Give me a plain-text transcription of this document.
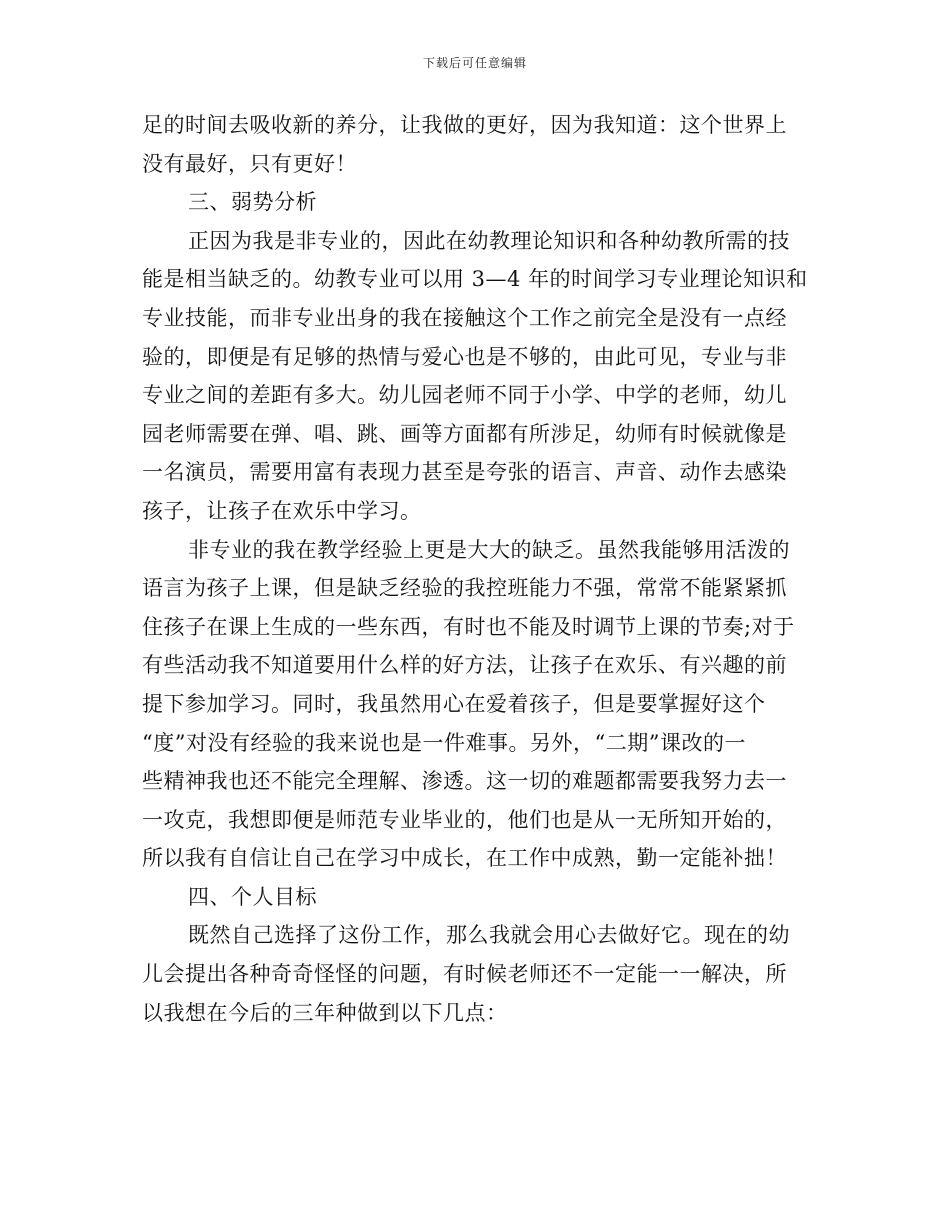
下载后可任意编辑
足的时间去吸收新的养分，让我做的更好，因为我知道：这个世界上
没有最好，只有更好！
三、弱势分析
正因为我是非专业的，因此在幼教理论知识和各种幼教所需的技
能是相当缺乏的。幼教专业可以用 3—4 年的时间学习专业理论知识和
专业技能，而非专业出身的我在接触这个工作之前完全是没有一点经
验的，即便是有足够的热情与爱心也是不够的，由此可见，专业与非
专业之间的差距有多大。幼儿园老师不同于小学、中学的老师，幼儿
园老师需要在弹、唱、跳、画等方面都有所涉足，幼师有时候就像是
一名演员，需要用富有表现力甚至是夸张的语言、声音、动作去感染
孩子，让孩子在欢乐中学习。
非专业的我在教学经验上更是大大的缺乏。虽然我能够用活泼的
语言为孩子上课，但是缺乏经验的我控班能力不强，常常不能紧紧抓
住孩子在课上生成的一些东西，有时也不能及时调节上课的节奏;对于
有些活动我不知道要用什么样的好方法，让孩子在欢乐、有兴趣的前
提下参加学习。同时，我虽然用心在爱着孩子，但是要掌握好这个
“度”对没有经验的我来说也是一件难事。另外，“二期”课改的一
些精神我也还不能完全理解、渗透。这一切的难题都需要我努力去一
一攻克，我想即便是师范专业毕业的，他们也是从一无所知开始的，
所以我有自信让自己在学习中成长，在工作中成熟，勤一定能补拙！
四、个人目标
既然自己选择了这份工作，那么我就会用心去做好它。现在的幼
儿会提出各种奇奇怪怪的问题，有时候老师还不一定能一一解决，所
以我想在今后的三年种做到以下几点：
